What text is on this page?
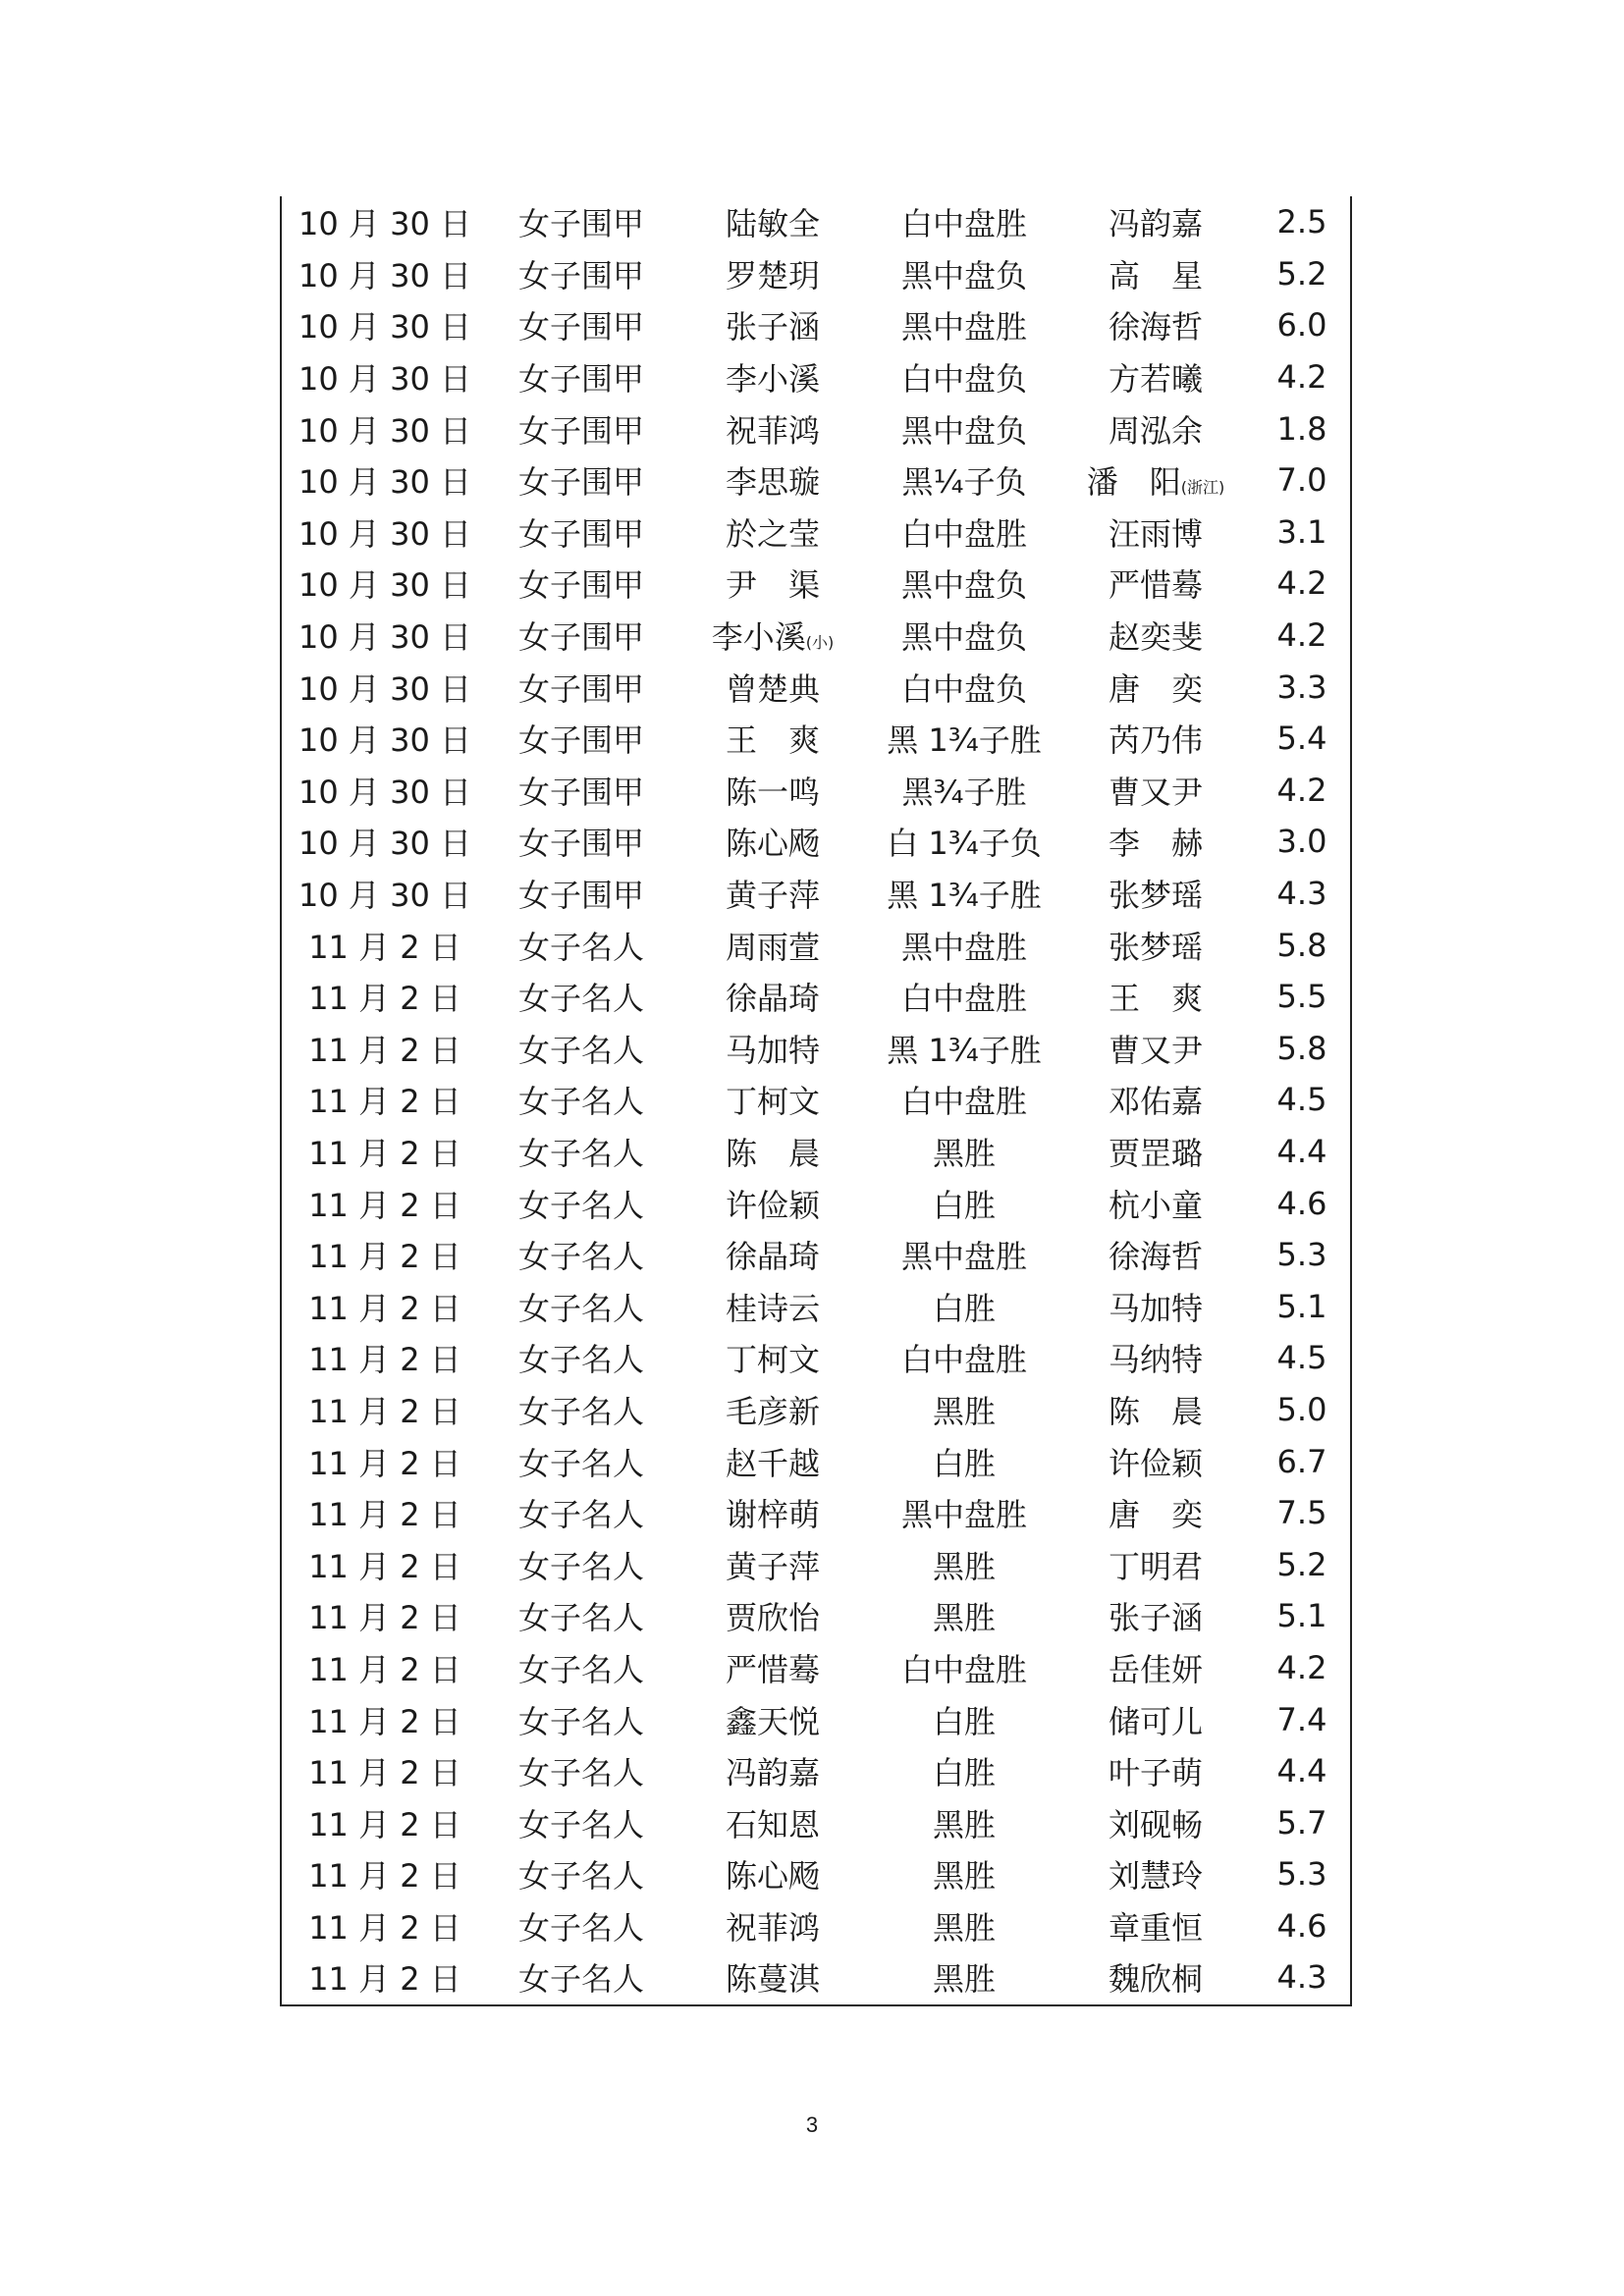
10 月 30 日	女子围甲	陆敏全	白中盘胜	冯韵嘉	2.5
10 月 30 日	女子围甲	罗楚玥	黑中盘负	高　星	5.2
10 月 30 日	女子围甲	张子涵	黑中盘胜	徐海哲	6.0
10 月 30 日	女子围甲	李小溪	白中盘负	方若曦	4.2
10 月 30 日	女子围甲	祝菲鸿	黑中盘负	周泓余	1.8
10 月 30 日	女子围甲	李思璇	黑¼子负	潘　阳(浙江)	7.0
10 月 30 日	女子围甲	於之莹	白中盘胜	汪雨博	3.1
10 月 30 日	女子围甲	尹　渠	黑中盘负	严惜蓦	4.2
10 月 30 日	女子围甲	李小溪(小)	黑中盘负	赵奕斐	4.2
10 月 30 日	女子围甲	曾楚典	白中盘负	唐　奕	3.3
10 月 30 日	女子围甲	王　爽	黑 1¾子胜	芮乃伟	5.4
10 月 30 日	女子围甲	陈一鸣	黑¾子胜	曹又尹	4.2
10 月 30 日	女子围甲	陈心飏	白 1¾子负	李　赫	3.0
10 月 30 日	女子围甲	黄子萍	黑 1¾子胜	张梦瑶	4.3
11 月 2 日	女子名人	周雨萱	黑中盘胜	张梦瑶	5.8
11 月 2 日	女子名人	徐晶琦	白中盘胜	王　爽	5.5
11 月 2 日	女子名人	马加特	黑 1¾子胜	曹又尹	5.8
11 月 2 日	女子名人	丁柯文	白中盘胜	邓佑嘉	4.5
11 月 2 日	女子名人	陈　晨	黑胜	贾罡璐	4.4
11 月 2 日	女子名人	许俭颖	白胜	杭小童	4.6
11 月 2 日	女子名人	徐晶琦	黑中盘胜	徐海哲	5.3
11 月 2 日	女子名人	桂诗云	白胜	马加特	5.1
11 月 2 日	女子名人	丁柯文	白中盘胜	马纳特	4.5
11 月 2 日	女子名人	毛彦新	黑胜	陈　晨	5.0
11 月 2 日	女子名人	赵千越	白胜	许俭颖	6.7
11 月 2 日	女子名人	谢梓萌	黑中盘胜	唐　奕	7.5
11 月 2 日	女子名人	黄子萍	黑胜	丁明君	5.2
11 月 2 日	女子名人	贾欣怡	黑胜	张子涵	5.1
11 月 2 日	女子名人	严惜蓦	白中盘胜	岳佳妍	4.2
11 月 2 日	女子名人	鑫天悦	白胜	储可儿	7.4
11 月 2 日	女子名人	冯韵嘉	白胜	叶子萌	4.4
11 月 2 日	女子名人	石知恩	黑胜	刘砚畅	5.7
11 月 2 日	女子名人	陈心飏	黑胜	刘慧玲	5.3
11 月 2 日	女子名人	祝菲鸿	黑胜	章重恒	4.6
11 月 2 日	女子名人	陈蔓淇	黑胜	魏欣桐	4.3
3
